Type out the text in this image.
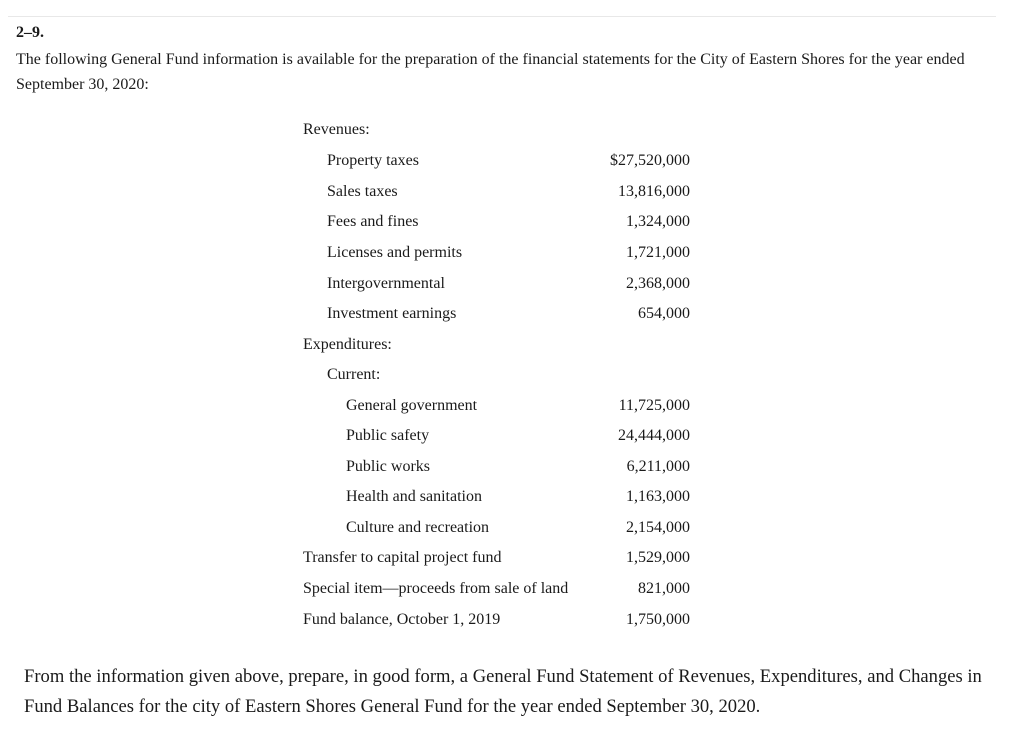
2–9.
The following General Fund information is available for the preparation of the financial statements for the City of Eastern Shores for the year ended September 30, 2020:
Revenues:
Property taxes	$27,520,000
Sales taxes	13,816,000
Fees and fines	1,324,000
Licenses and permits	1,721,000
Intergovernmental	2,368,000
Investment earnings	654,000
Expenditures:
Current:
General government	11,725,000
Public safety	24,444,000
Public works	6,211,000
Health and sanitation	1,163,000
Culture and recreation	2,154,000
Transfer to capital project fund	1,529,000
Special item—proceeds from sale of land	821,000
Fund balance, October 1, 2019	1,750,000
From the information given above, prepare, in good form, a General Fund Statement of Revenues, Expenditures, and Changes in Fund Balances for the city of Eastern Shores General Fund for the year ended September 30, 2020.
